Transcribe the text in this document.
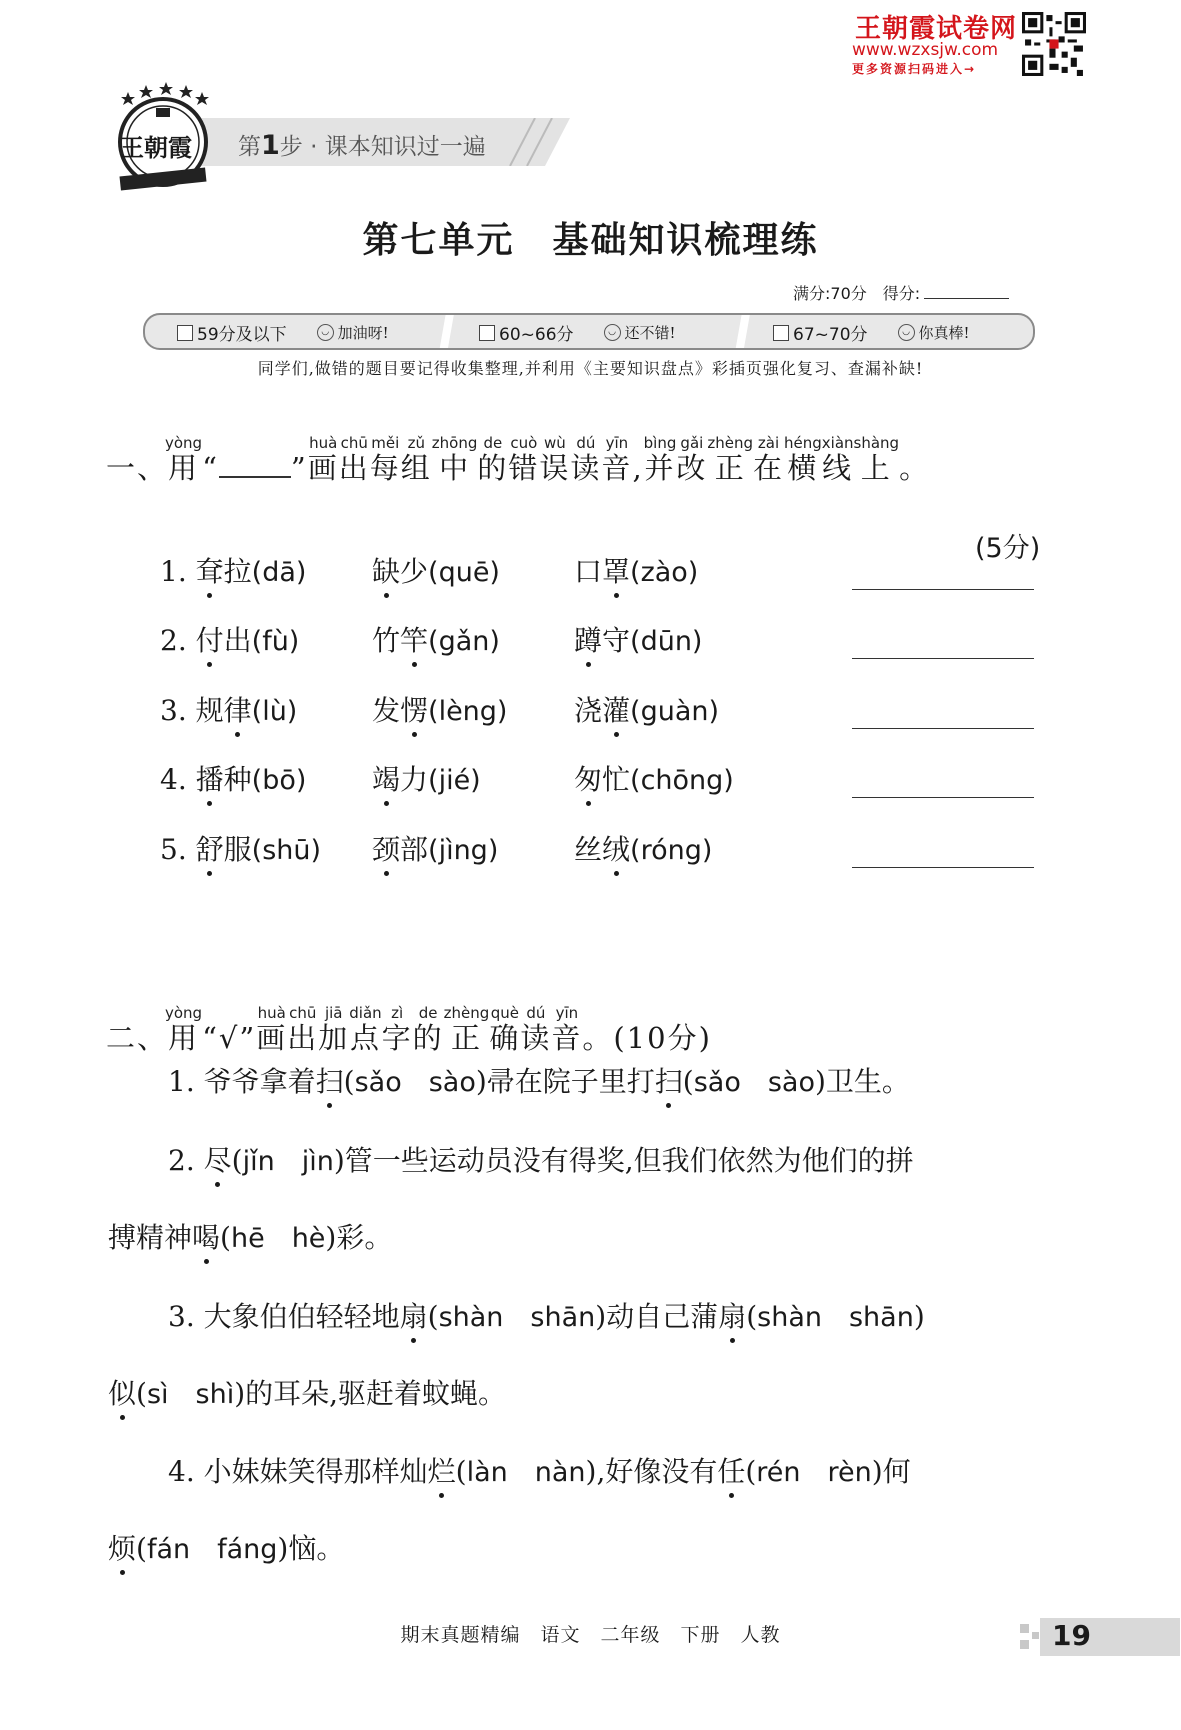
王朝霞试卷网
www.wzxsjw.com
更多资源扫码进入→
王朝霞 第1步 · 课本知识过一遍
第七单元　基础知识梳理练
满分:70分　 得分:
59分及以下	◡ 加油呀!	60~66分	◡ 还不错!	67~70分	◡ 你真棒!
同学们,做错的题目要记得收集整理,并利用《主要知识盘点》彩插页强化复习、查漏补缺!
一、用yòng“ ”画huà出chū每měi组zǔ中zhōng的de错cuò误wù读dú音yīn,并bìng改gǎi正zhèng在zài横héng线xiàn上shàng。
(5分)
1. 耷拉(dā) 缺少(quē)	口罩(zào)
2. 付出(fù)	竹竿(gǎn)	蹲守(dūn)
3. 规律(lù)	发愣(lèng) 浇灌(guàn)
4. 播种(bō) 竭力(jié)	匆忙(chōng)
5. 舒服(shū) 颈部(jìng)	丝绒(róng)
二、用yòng“√”画huà出chū加jiā点diǎn字zì的de正zhèng确què读dú音yīn。(10分)
1. 爷爷拿着扫(sǎo　sào)帚在院子里打扫(sǎo　sào)卫生。
2. 尽(jǐn　jìn)管一些运动员没有得奖,但我们依然为他们的拼
搏精神喝(hē　hè)彩。
3. 大象伯伯轻轻地扇(shàn　shān)动自己蒲扇(shàn　shān)
似(sì　shì)的耳朵,驱赶着蚊蝇。
4. 小妹妹笑得那样灿烂(làn　nàn),好像没有任(rén　rèn)何
烦(fán　fáng)恼。
期末真题精编　语文　二年级　下册　人教	19
